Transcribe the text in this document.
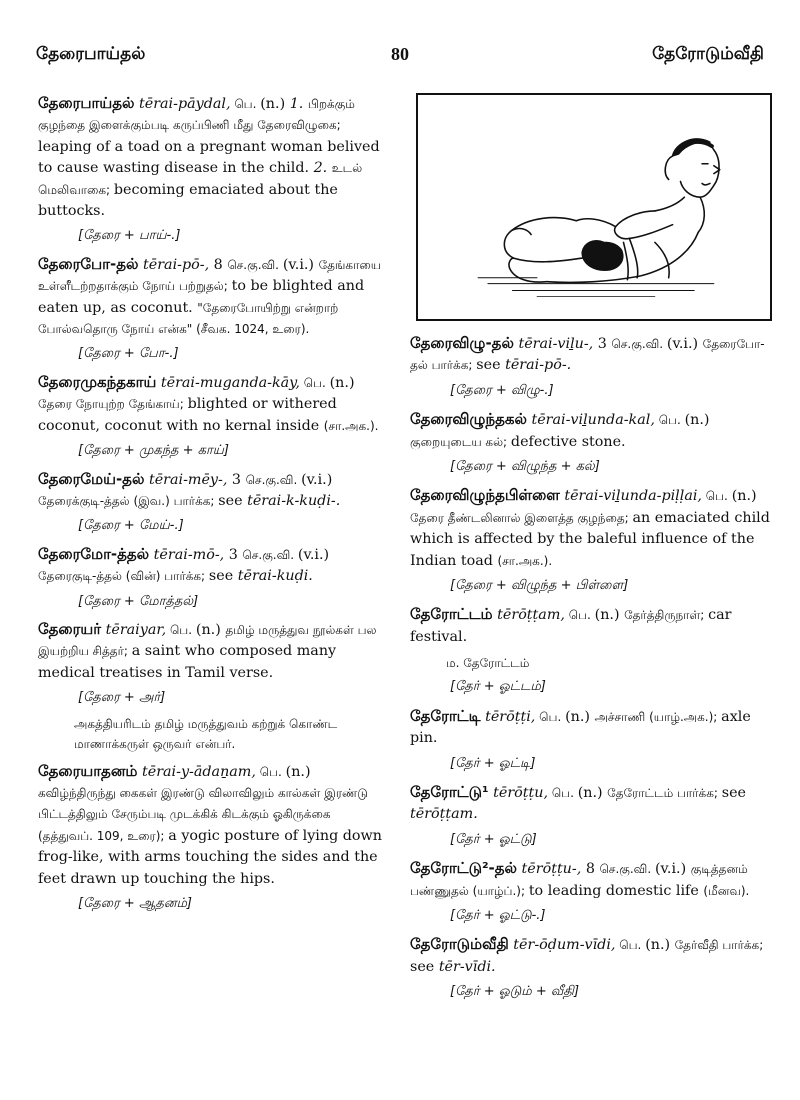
தேரைபாய்தல்	80	தேரோடும்வீதி
தேரைபாய்தல் tērai-pāydal, பெ. (n.) 1. பிறக்கும் குழந்தை இளைக்கும்படி கருப்பிணி மீது தேரைவிழுகை; leaping of a toad on a pregnant woman belived to cause wasting disease in the child. 2. உடல் மெலிவாகை; becoming emaciated about the buttocks.
[தேரை + பாய்-.]
தேரைபோ-தல் tērai-pō-, 8 செ.கு.வி. (v.i.) தேங்காயை உள்ளீடற்றதாக்கும் நோய் பற்றுதல்; to be blighted and eaten up, as coconut. "தேரைபோயிற்று என்றாற் போல்வதொரு நோய் என்க" (சீவக. 1024, உரை).
[தேரை + போ-.]
தேரைமுகந்தகாய் tērai-muganda-kāy, பெ. (n.) தேரை நோயுற்ற தேங்காய்; blighted or withered coconut, coconut with no kernal inside (சா.அக.).
[தேரை + முகந்த + காய்]
தேரைமேய்-தல் tērai-mēy-, 3 செ.கு.வி. (v.i.) தேரைக்குடி-த்தல் (இவ.) பார்க்க; see tērai-k-kuḍi-.
[தேரை + மேய்-.]
தேரைமோ-த்தல் tērai-mō-, 3 செ.கு.வி. (v.i.) தேரைகுடி-த்தல் (வின்) பார்க்க; see tērai-kuḍi.
[தேரை + மோத்தல்]
தேரையர் tēraiyar, பெ. (n.) தமிழ் மருத்துவ நூல்கள் பல இயற்றிய சித்தர்; a saint who composed many medical treatises in Tamil verse.
[தேரை + அர்]
அகத்தியரிடம் தமிழ் மருத்துவம் கற்றுக் கொண்ட மாணாக்கருள் ஒருவர் என்பர்.
தேரையாதனம் tērai-y-ādaṉam, பெ. (n.) கவிழ்ந்திருந்து கைகள் இரண்டு விலாவிலும் கால்கள் இரண்டு பிட்டத்திலும் சேரும்படி முடக்கிக் கிடக்கும் ஓகிருக்கை (தத்துவப். 109, உரை); a yogic posture of lying down frog-like, with arms touching the sides and the feet drawn up touching the hips.
[தேரை + ஆதனம்]
தேரைவிழு-தல் tērai-viḻu-, 3 செ.கு.வி. (v.i.) தேரைபோ-தல் பார்க்க; see tērai-pō-.
[தேரை + விழு-.]
தேரைவிழுந்தகல் tērai-viḻunda-kal, பெ. (n.) குறையுடைய கல்; defective stone.
[தேரை + விழுந்த + கல்]
தேரைவிழுந்தபிள்ளை tērai-viḻunda-piḷḷai, பெ. (n.) தேரை தீண்டலினால் இளைத்த குழந்தை; an emaciated child which is affected by the baleful influence of the Indian toad (சா.அக.).
[தேரை + விழுந்த + பிள்ளை]
தேரோட்டம் tērōṭṭam, பெ. (n.) தேர்த்திருநாள்; car festival.
ம. தேரோட்டம்
[தேர் + ஓட்டம்]
தேரோட்டி tērōṭṭi, பெ. (n.) அச்சாணி (யாழ்.அக.); axle pin.
[தேர் + ஓட்டி]
தேரோட்டு¹ tērōṭṭu, பெ. (n.) தேரோட்டம் பார்க்க; see tērōṭṭam.
[தேர் + ஓட்டு]
தேரோட்டு²-தல் tērōṭṭu-, 8 செ.கு.வி. (v.i.) குடித்தனம் பண்ணுதல் (யாழ்ப்.); to leading domestic life (மீனவ).
[தேர் + ஓட்டு-.]
தேரோடும்வீதி tēr-ōḍum-vīdi, பெ. (n.) தேர்வீதி பார்க்க; see tēr-vīdi.
[தேர் + ஓடும் + வீதி]
